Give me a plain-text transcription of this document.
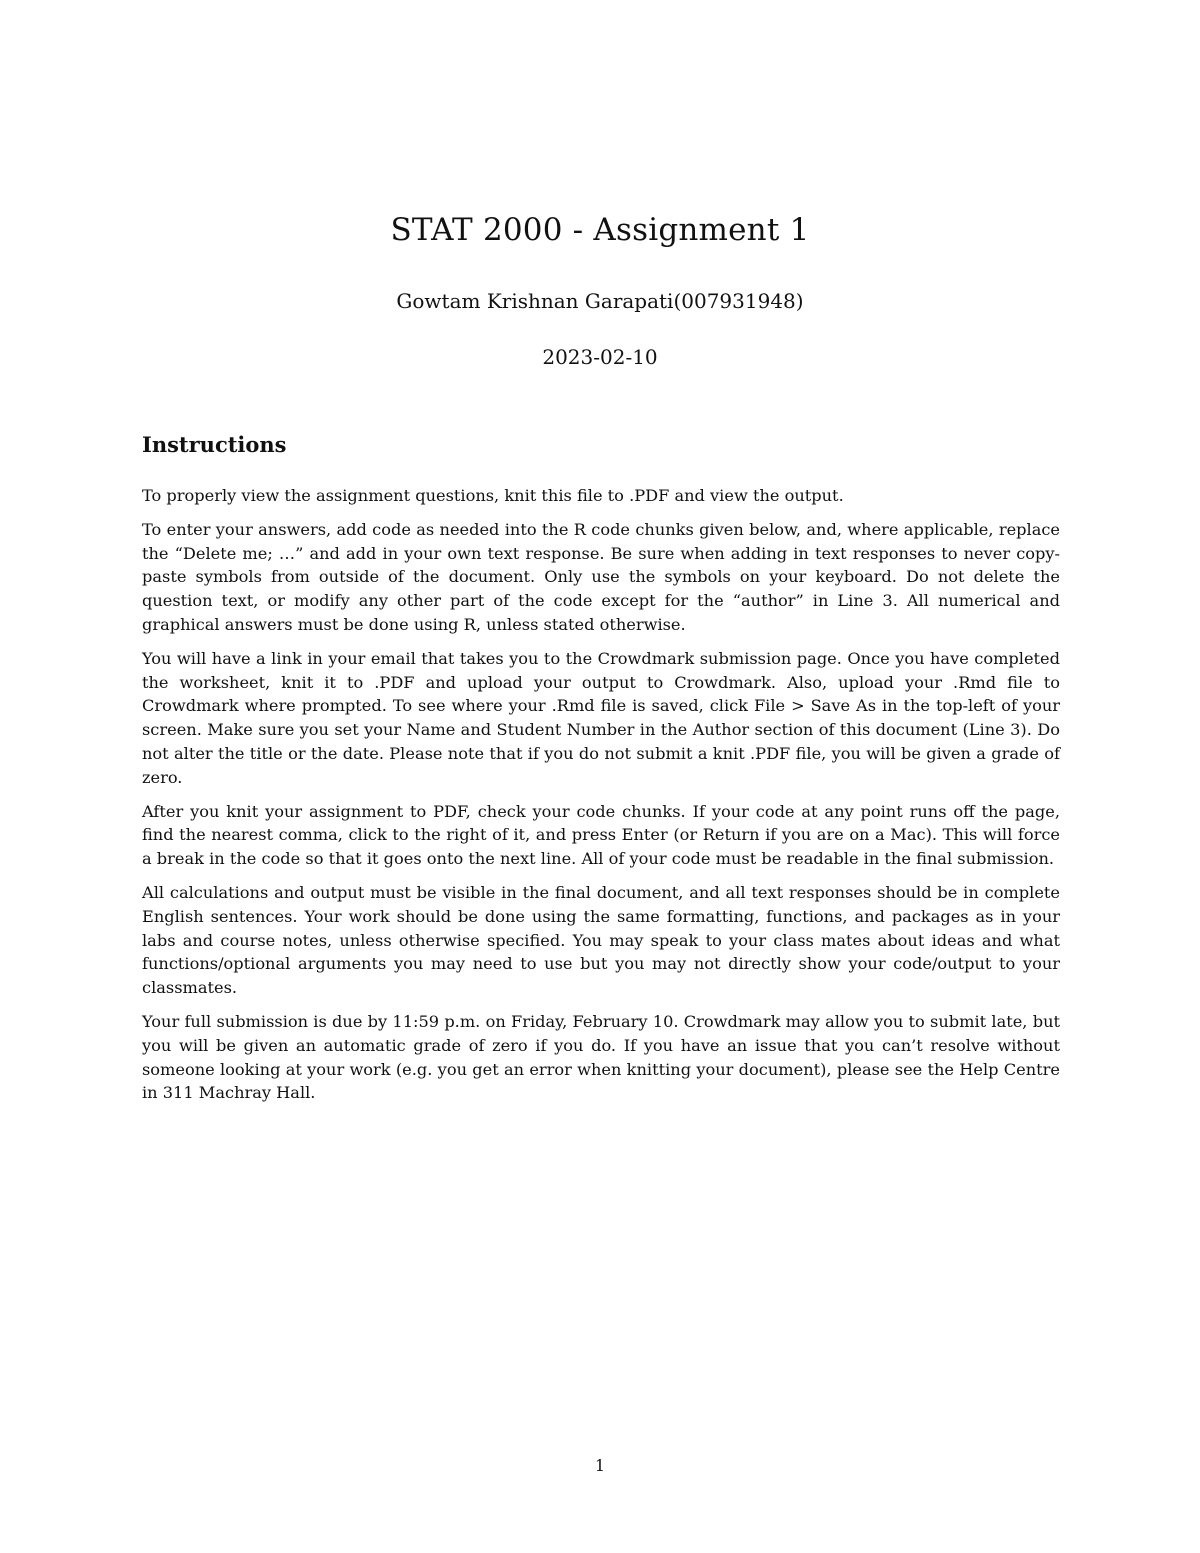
STAT 2000 - Assignment 1

Gowtam Krishnan Garapati(007931948)

2023-02-10

Instructions

To properly view the assignment questions, knit this file to .PDF and view the output.

To enter your answers, add code as needed into the R code chunks given below, and, where applicable, replace the “Delete me; …” and add in your own text response. Be sure when adding in text responses to never copy-paste symbols from outside of the document. Only use the symbols on your keyboard. Do not delete the question text, or modify any other part of the code except for the “author” in Line 3. All numerical and graphical answers must be done using R, unless stated otherwise.

You will have a link in your email that takes you to the Crowdmark submission page. Once you have completed the worksheet, knit it to .PDF and upload your output to Crowdmark. Also, upload your .Rmd file to Crowdmark where prompted. To see where your .Rmd file is saved, click File > Save As in the top-left of your screen. Make sure you set your Name and Student Number in the Author section of this document (Line 3). Do not alter the title or the date. Please note that if you do not submit a knit .PDF file, you will be given a grade of zero.

After you knit your assignment to PDF, check your code chunks. If your code at any point runs off the page, find the nearest comma, click to the right of it, and press Enter (or Return if you are on a Mac). This will force a break in the code so that it goes onto the next line. All of your code must be readable in the final submission.

All calculations and output must be visible in the final document, and all text responses should be in complete English sentences. Your work should be done using the same formatting, functions, and packages as in your labs and course notes, unless otherwise specified. You may speak to your class mates about ideas and what functions/optional arguments you may need to use but you may not directly show your code/output to your classmates.

Your full submission is due by 11:59 p.m. on Friday, February 10. Crowdmark may allow you to submit late, but you will be given an automatic grade of zero if you do. If you have an issue that you can’t resolve without someone looking at your work (e.g. you get an error when knitting your document), please see the Help Centre in 311 Machray Hall.

1
